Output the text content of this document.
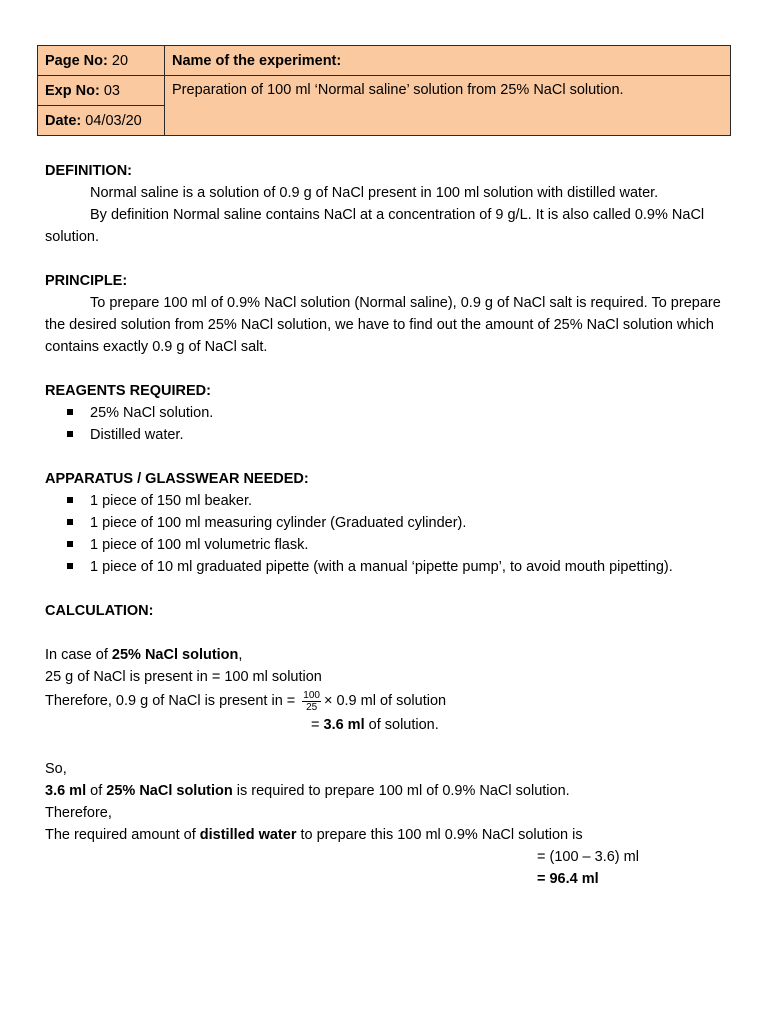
Page No: 20	Name of the experiment:
Exp No: 03	Preparation of 100 ml ‘Normal saline’ solution from 25% NaCl solution.
Date: 04/03/20	

DEFINITION:

Normal saline is a solution of 0.9 g of NaCl present in 100 ml solution with distilled water.

By definition Normal saline contains NaCl at a concentration of 9 g/L. It is also called 0.9% NaCl solution.

PRINCIPLE:

To prepare 100 ml of 0.9% NaCl solution (Normal saline), 0.9 g of NaCl salt is required. To prepare the desired solution from 25% NaCl solution, we have to find out the amount of 25% NaCl solution which contains exactly 0.9 g of NaCl salt.

REAGENTS REQUIRED:

25% NaCl solution.
Distilled water.

APPARATUS / GLASSWEAR NEEDED:

1 piece of 150 ml beaker.
1 piece of 100 ml measuring cylinder (Graduated cylinder).
1 piece of 100 ml volumetric flask.
1 piece of 10 ml graduated pipette (with a manual ‘pipette pump’, to avoid mouth pipetting).

CALCULATION:

In case of 25% NaCl solution,

25 g of NaCl is present in = 100 ml solution

Therefore, 0.9 g of NaCl is present in = $\frac{100}{25} \times 0.9$ ml of solution

= 3.6 ml of solution.

So,

3.6 ml of 25% NaCl solution is required to prepare 100 ml of 0.9% NaCl solution.

Therefore,

The required amount of distilled water to prepare this 100 ml 0.9% NaCl solution is

= (100 – 3.6) ml

= 96.4 ml
